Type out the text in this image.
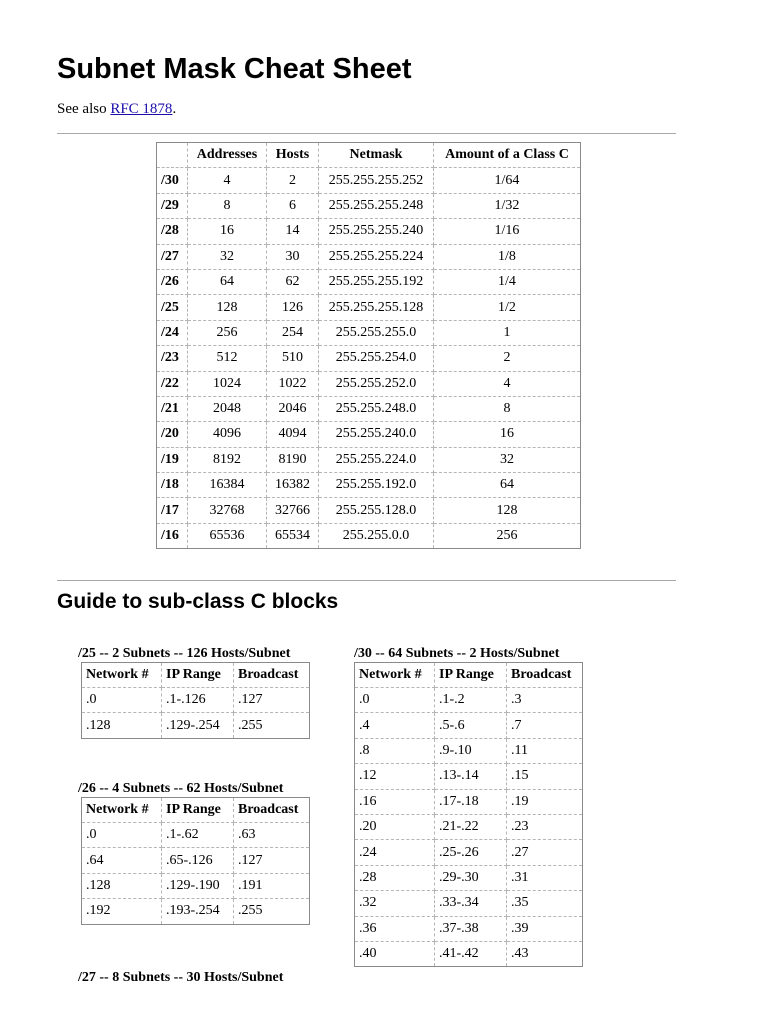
Subnet Mask Cheat Sheet
See also RFC 1878.
	Addresses	Hosts	Netmask	Amount of a Class C
/30	4	2	255.255.255.252	1/64
/29	8	6	255.255.255.248	1/32
/28	16	14	255.255.255.240	1/16
/27	32	30	255.255.255.224	1/8
/26	64	62	255.255.255.192	1/4
/25	128	126	255.255.255.128	1/2
/24	256	254	255.255.255.0	1
/23	512	510	255.255.254.0	2
/22	1024	1022	255.255.252.0	4
/21	2048	2046	255.255.248.0	8
/20	4096	4094	255.255.240.0	16
/19	8192	8190	255.255.224.0	32
/18	16384	16382	255.255.192.0	64
/17	32768	32766	255.255.128.0	128
/16	65536	65534	255.255.0.0	256
Guide to sub-class C blocks
/25 -- 2 Subnets -- 126 Hosts/Subnet
Network #	IP Range	Broadcast
.0	.1-.126	.127
.128	.129-.254	.255
/26 -- 4 Subnets -- 62 Hosts/Subnet
Network #	IP Range	Broadcast
.0	.1-.62	.63
.64	.65-.126	.127
.128	.129-.190	.191
.192	.193-.254	.255
/27 -- 8 Subnets -- 30 Hosts/Subnet
/30 -- 64 Subnets -- 2 Hosts/Subnet
Network #	IP Range	Broadcast
.0	.1-.2	.3
.4	.5-.6	.7
.8	.9-.10	.11
.12	.13-.14	.15
.16	.17-.18	.19
.20	.21-.22	.23
.24	.25-.26	.27
.28	.29-.30	.31
.32	.33-.34	.35
.36	.37-.38	.39
.40	.41-.42	.43
